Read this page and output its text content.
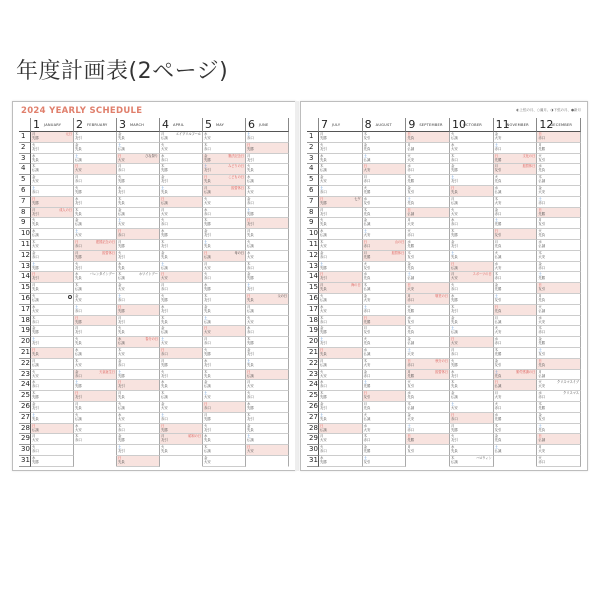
年度計画表(2ページ)
2024 YEARLY SCHEDULE
1 JANUARY 2 FEBRUARY 3 MARCH 4 APRIL 5 MAY 6 JUNE
1 月
先勝
元日 木
友引
金
先負
月
仏滅
エイプリルフール 水
大安
土
赤口
2 火
友引
金
先負
土
仏滅
火
大安
木
赤口
日
先勝
3 水
先負
土
仏滅
日
大安
ひな祭り 水
赤口
金
先勝
憲法記念日 月
友引
4 木
仏滅
日
大安
月
赤口
木
先勝
土
友引
みどりの日 火
先負
5 金
大安
月
赤口
火
先勝
金
友引
日
先負
こどもの日 水
仏滅
6 土
赤口
火
先勝
水
友引
土
先負
月
仏滅
振替休日 木
大安
7 日
先勝
水
友引
木
先負
日
仏滅
火
大安
金
赤口
8 月
友引
成人の日 木
先負
金
仏滅
月
大安
水
赤口
土
先勝
9 火
先負
金
仏滅
土
大安
火
赤口
木
先勝
日
友引
10 水
仏滅
土
大安
日
赤口
水
先勝
金
友引
月
先負
11 木
大安
日
赤口
建国記念の日 月
先勝
木
友引
土
先負
火
仏滅
12 金
赤口
月
先勝
振替休日 火
友引
金
先負
日
仏滅
母の日 水
大安
13 土
先勝
火
友引
水
先負
土
仏滅
月
大安
木
赤口
14 日
友引
水
先負
バレンタインデー 木
仏滅
ホワイトデー 日
大安
火
赤口
金
先勝
15 月
先負
木
仏滅
金
大安
月
赤口
水
先勝
土
友引
16 火
仏滅
金
大安
土
赤口
火
先勝
木
友引
日
先負
父の日
17 水
大安
土
赤口
日
先勝
水
友引
金
先負
月
仏滅
18 木
赤口
日
先勝
月
友引
木
先負
土
仏滅
火
大安
19 金
先勝
月
友引
火
先負
金
仏滅
日
大安
水
赤口
20 土
友引
火
先負
水
仏滅
春分の日 土
大安
月
赤口
木
先勝
21 日
先負
水
仏滅
木
大安
日
赤口
火
先勝
金
友引
22 月
仏滅
木
大安
金
赤口
月
先勝
水
友引
土
先負
23 火
大安
金
赤口
天皇誕生日 土
先勝
火
友引
木
先負
日
仏滅
24 水
赤口
土
先勝
日
友引
水
先負
金
仏滅
月
大安
25 木
先勝
日
友引
月
先負
木
仏滅
土
大安
火
赤口
26 金
友引
月
先負
火
仏滅
金
大安
日
赤口
水
先勝
27 土
先負
火
仏滅
水
大安
土
赤口
月
先勝
木
友引
28 日
仏滅
水
大安
木
赤口
日
先勝
火
友引
金
先負
29 月
大安
木
赤口
金
先勝
月
友引
昭和の日 水
先負
土
仏滅
30 火
赤口
土
友引
火
先負
木
仏滅
日
大安
31 水
先勝
日
先負
金
大安
◐上弦の月、○満月、◑下弦の月、●新月
7 JULY 8 AUGUST 9 SEPTEMBER 10
OCTOBER 11
NOVEMBER 12
DECEMBER
1 月
先勝
木
友引
日
先負
火
仏滅
金
大安
日
赤口
2 火
友引
金
先負
月
仏滅
水
大安
土
赤口
月
先勝
3 水
先負
土
仏滅
火
大安
木
赤口
日
先勝
文化の日 火
友引
4 木
仏滅
日
大安
水
赤口
金
先勝
月
友引
振替休日 水
先負
5 金
大安
月
赤口
木
先勝
土
友引
火
先負
木
仏滅
6 土
赤口
火
先勝
金
友引
日
先負
水
仏滅
金
大安
7 日
先勝
七夕 水
友引
土
先負
月
仏滅
木
大安
土
赤口
8 月
友引
木
先負
日
仏滅
火
大安
金
赤口
日
先勝
9 火
先負
金
仏滅
月
大安
水
赤口
土
先勝
月
友引
10 水
仏滅
土
大安
火
赤口
木
先勝
日
友引
火
先負
11 木
大安
日
赤口
山の日 水
先勝
金
友引
月
先負
水
仏滅
12 金
赤口
月
先勝
振替休日 木
友引
土
先負
火
仏滅
木
大安
13 土
先勝
火
友引
金
先負
日
仏滅
水
大安
金
赤口
14 日
友引
水
先負
土
仏滅
月
大安
スポーツの日 木
赤口
土
先勝
15 月
先負
海の日 木
仏滅
日
大安
火
赤口
金
先勝
日
友引
16 火
仏滅
金
大安
月
赤口
敬老の日 水
先勝
土
友引
月
先負
17 水
大安
土
赤口
火
先勝
木
友引
日
先負
火
仏滅
18 木
赤口
日
先勝
水
友引
金
先負
月
仏滅
水
大安
19 金
先勝
月
友引
木
先負
土
仏滅
火
大安
木
赤口
20 土
友引
火
先負
金
仏滅
日
大安
水
赤口
金
先勝
21 日
先負
水
仏滅
土
大安
月
赤口
木
先勝
土
友引
22 月
仏滅
木
大安
日
赤口
秋分の日 火
先勝
金
友引
日
先負
23 火
大安
金
赤口
月
先勝
振替休日 水
友引
土
先負
勤労感謝の日 月
仏滅
24 水
赤口
土
先勝
火
友引
木
先負
日
仏滅
火
大安
クリスマスイブ
25 木
先勝
日
友引
水
先負
金
仏滅
月
大安
水
赤口
クリスマス
26 金
友引
月
先負
木
仏滅
土
大安
火
赤口
木
先勝
27 土
先負
火
仏滅
金
大安
日
赤口
水
先勝
金
友引
28 日
仏滅
水
大安
土
赤口
月
先勝
木
友引
土
先負
29 月
大安
木
赤口
日
先勝
火
友引
金
先負
日
仏滅
30 火
赤口
金
先勝
月
友引
水
先負
土
仏滅
月
大安
31 水
先勝
土
友引
木
仏滅
ハロウィン	火
赤口
